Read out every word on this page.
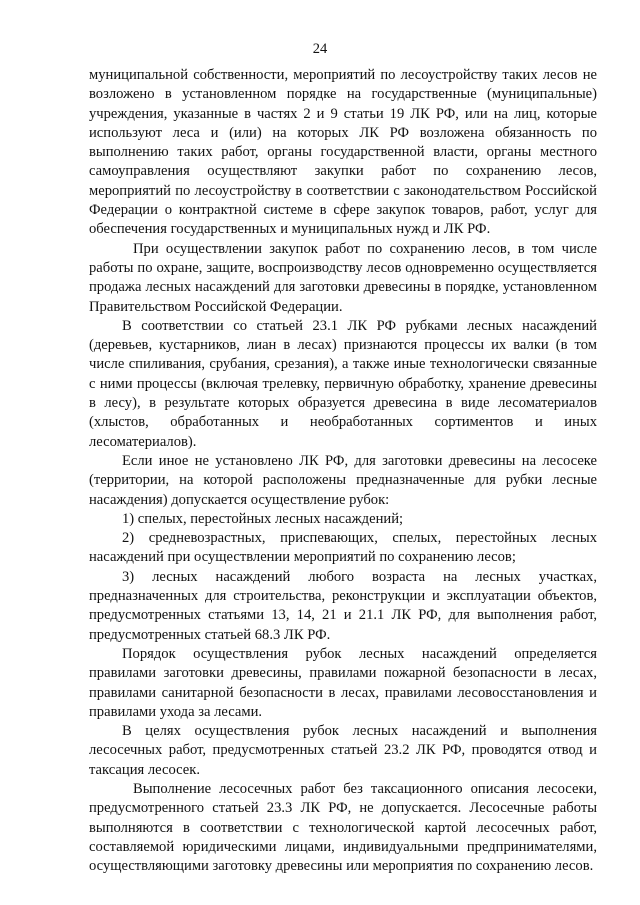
24

муниципальной собственности, мероприятий по лесоустройству таких лесов не возложено в установленном порядке на государственные (муниципальные) учреждения, указанные в частях 2 и 9 статьи 19 ЛК РФ, или на лиц, которые используют леса и (или) на которых ЛК РФ возложена обязанность по выполнению таких работ, органы государственной власти, органы местного самоуправления осуществляют закупки работ по сохранению лесов, мероприятий по лесоустройству в соответствии с законодательством Российской Федерации о контрактной системе в сфере закупок товаров, работ, услуг для обеспечения государственных и муниципальных нужд и ЛК РФ.

При осуществлении закупок работ по сохранению лесов, в том числе работы по охране, защите, воспроизводству лесов одновременно осуществляется продажа лесных насаждений для заготовки древесины в порядке, установленном Правительством Российской Федерации.

В соответствии со статьей 23.1 ЛК РФ рубками лесных насаждений (деревьев, кустарников, лиан в лесах) признаются процессы их валки (в том числе спиливания, срубания, срезания), а также иные технологически связанные с ними процессы (включая трелевку, первичную обработку, хранение древесины в лесу), в результате которых образуется древесина в виде лесоматериалов (хлыстов, обработанных и необработанных сортиментов и иных лесоматериалов).

Если иное не установлено ЛК РФ, для заготовки древесины на лесосеке (территории, на которой расположены предназначенные для рубки лесные насаждения) допускается осуществление рубок:

1) спелых, перестойных лесных насаждений;

2) средневозрастных, приспевающих, спелых, перестойных лесных насаждений при осуществлении мероприятий по сохранению лесов;

3) лесных насаждений любого возраста на лесных участках, предназначенных для строительства, реконструкции и эксплуатации объектов, предусмотренных статьями 13, 14, 21 и 21.1 ЛК РФ, для выполнения работ, предусмотренных статьей 68.3 ЛК РФ.

Порядок осуществления рубок лесных насаждений определяется правилами заготовки древесины, правилами пожарной безопасности в лесах, правилами санитарной безопасности в лесах, правилами лесовосстановления и правилами ухода за лесами.

В целях осуществления рубок лесных насаждений и выполнения лесосечных работ, предусмотренных статьей 23.2 ЛК РФ, проводятся отвод и таксация лесосек.

Выполнение лесосечных работ без таксационного описания лесосеки, предусмотренного статьей 23.3 ЛК РФ, не допускается. Лесосечные работы выполняются в соответствии с технологической картой лесосечных работ, составляемой юридическими лицами, индивидуальными предпринимателями, осуществляющими заготовку древесины или мероприятия по сохранению лесов.
